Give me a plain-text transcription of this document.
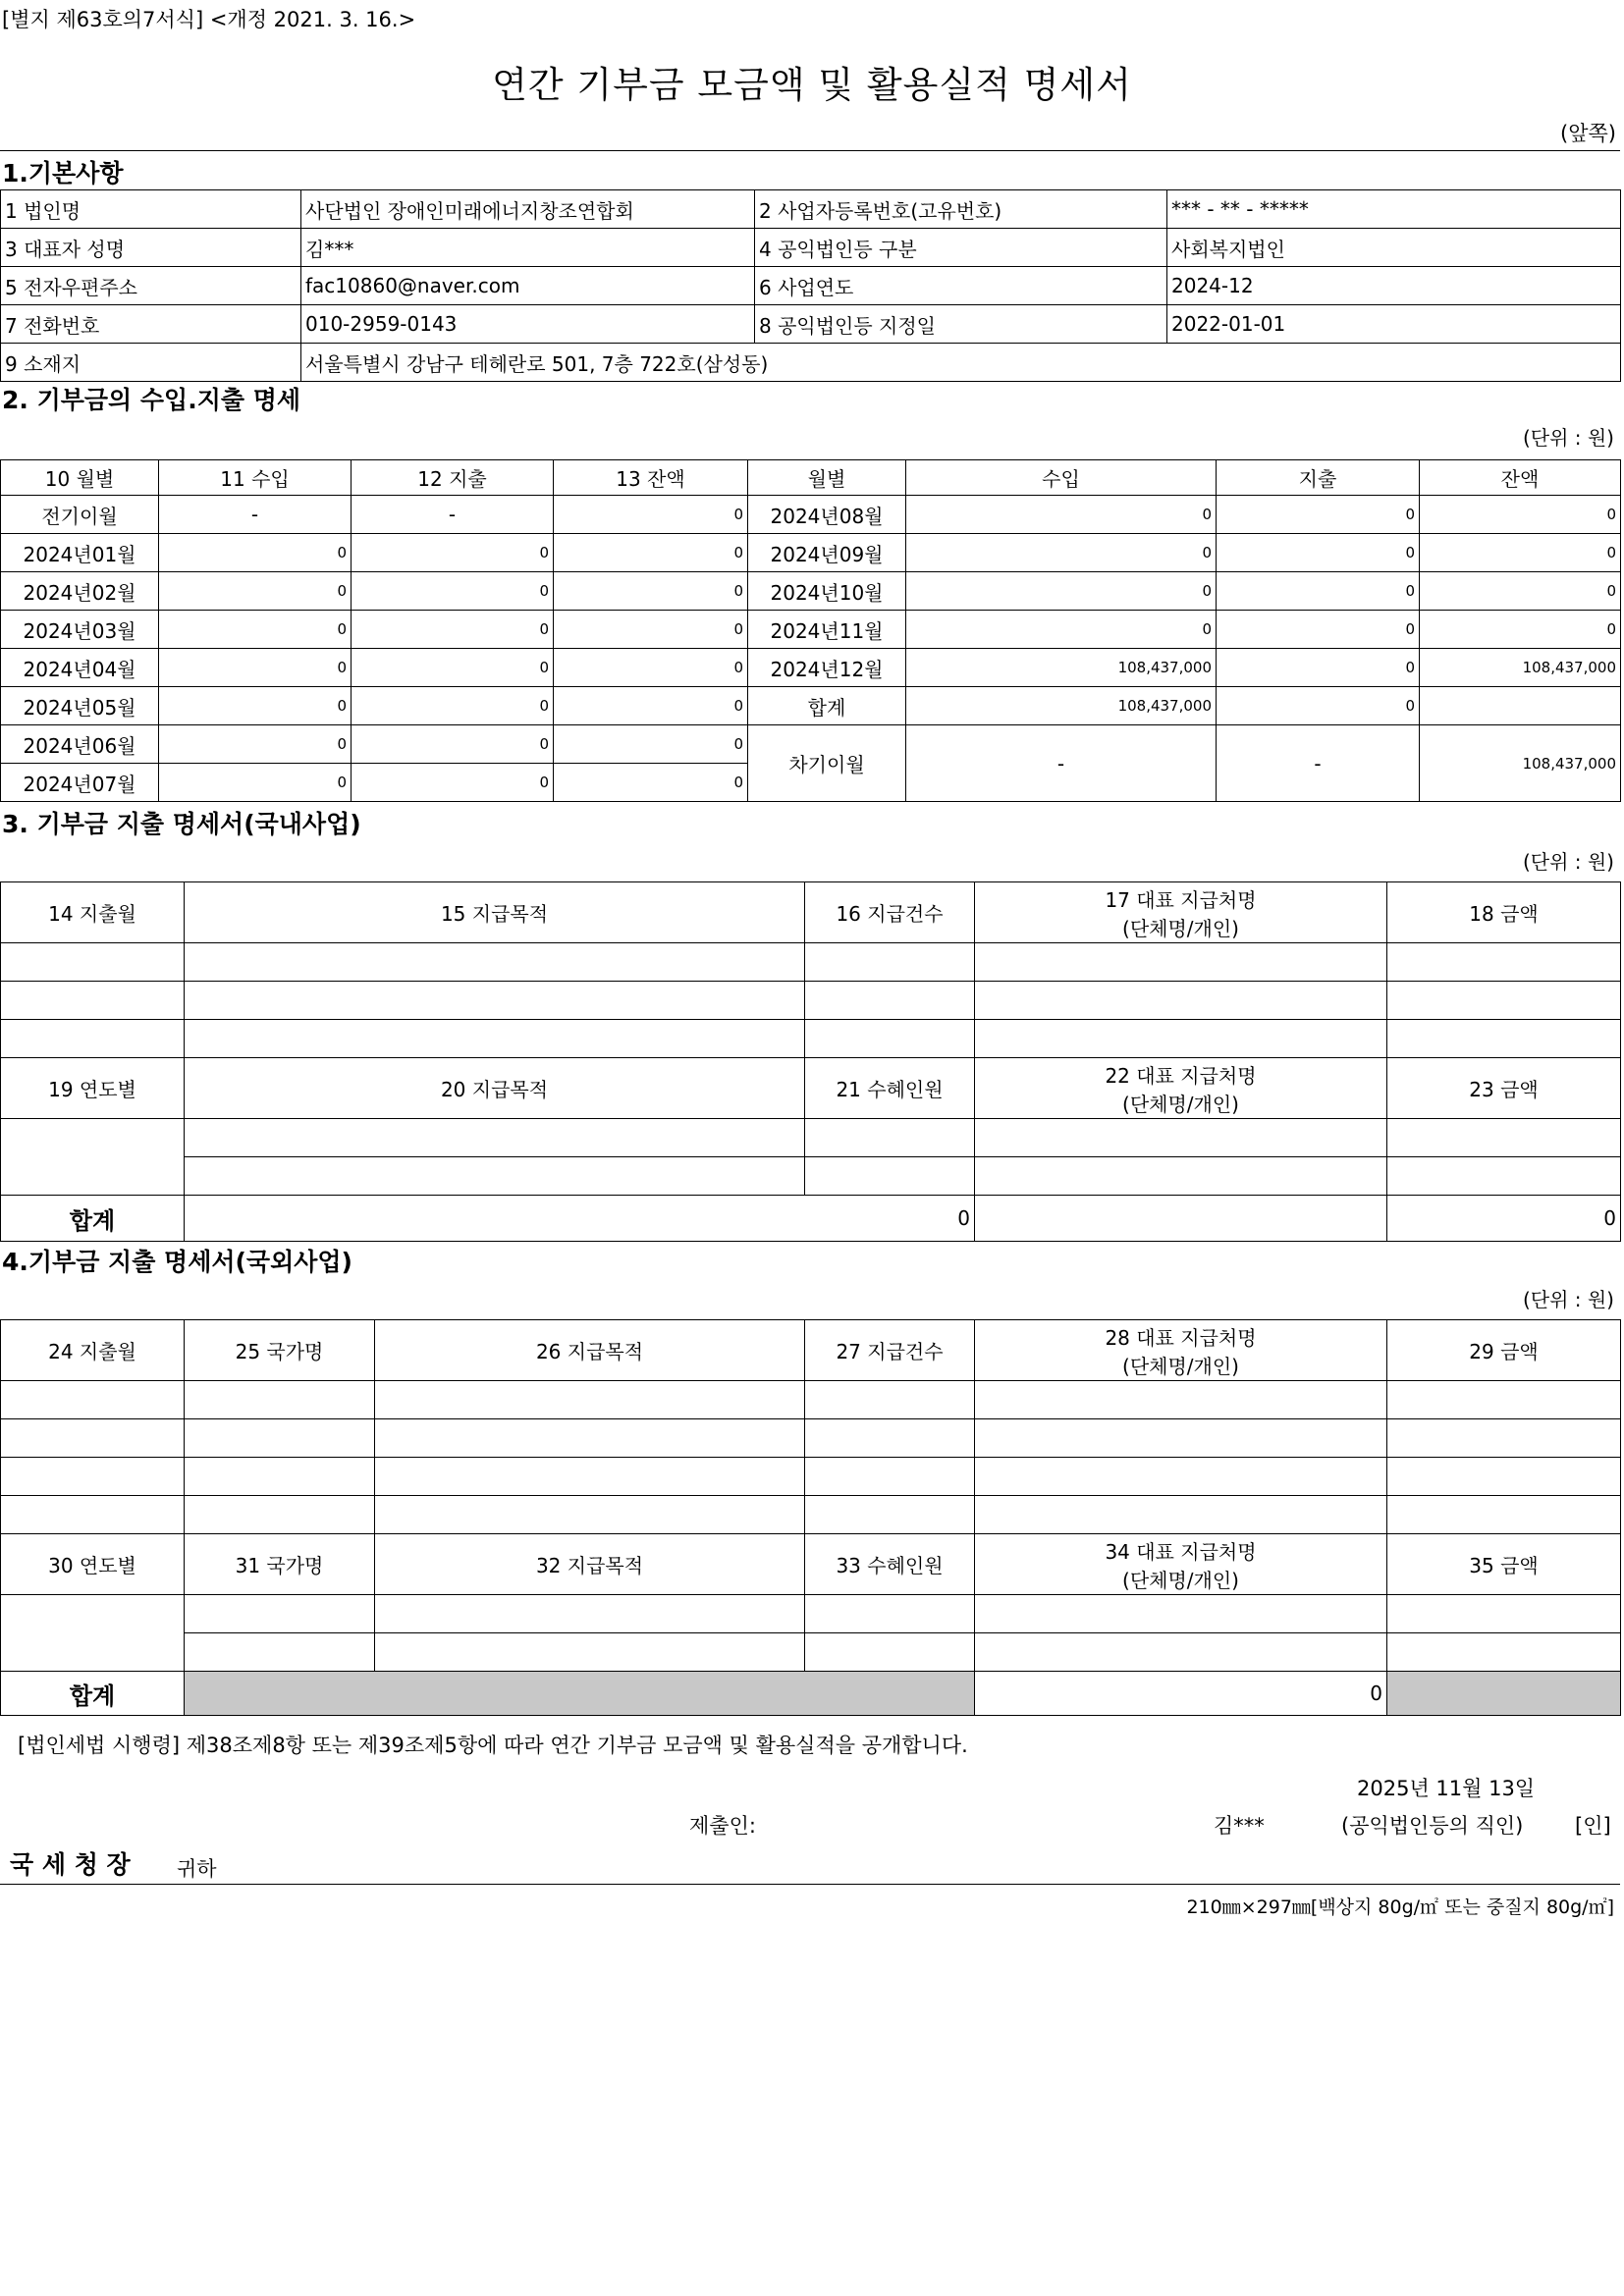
[별지 제63호의7서식] <개정 2021. 3. 16.>
연간 기부금 모금액 및 활용실적 명세서
(앞쪽)
1.기본사항
1 법인명	사단법인 장애인미래에너지창조연합회	2 사업자등록번호(고유번호)	*** - ** - *****
3 대표자 성명	김***	4 공익법인등 구분	사회복지법인
5 전자우편주소	fac10860@naver.com	6 사업연도	2024-12
7 전화번호	010-2959-0143	8 공익법인등 지정일	2022-01-01
9 소재지	서울특별시 강남구 테헤란로 501, 7층 722호(삼성동)		
2. 기부금의 수입.지출 명세
(단위 : 원)
10 월별	11 수입	12 지출	13 잔액	월별	수입	지출	잔액
전기이월	-	-	0	2024년08월	0	0	0
2024년01월	0	0	0	2024년09월	0	0	0
2024년02월	0	0	0	2024년10월	0	0	0
2024년03월	0	0	0	2024년11월	0	0	0
2024년04월	0	0	0	2024년12월	108,437,000	0	108,437,000
2024년05월	0	0	0	합계	108,437,000	0	
2024년06월	0	0	0	차기이월	-	-	108,437,000
2024년07월	0	0	0				
3. 기부금 지출 명세서(국내사업)
(단위 : 원)
14 지출월	15 지급목적	16 지급건수	17 대표 지급처명
(단체명/개인)	18 금액

19 연도별	20 지급목적	21 수혜인원	22 대표 지급처명
(단체명/개인)	23 금액

합계	0			0
4.기부금 지출 명세서(국외사업)
(단위 : 원)
24 지출월	25 국가명	26 지급목적	27 지급건수	28 대표 지급처명
(단체명/개인)	29 금액	

30 연도별	31 국가명	32 지급목적	33 수혜인원	34 대표 지급처명
(단체명/개인)	35 금액	

합계				0		
[법인세법 시행령] 제38조제8항 또는 제39조제5항에 따라 연간 기부금 모금액 및 활용실적을 공개합니다.
2025년 11월 13일
제출인:	김***	(공익법인등의 직인)	[인]
국 세 청 장 귀하
210㎜×297㎜[백상지 80g/㎡ 또는 중질지 80g/㎡]
